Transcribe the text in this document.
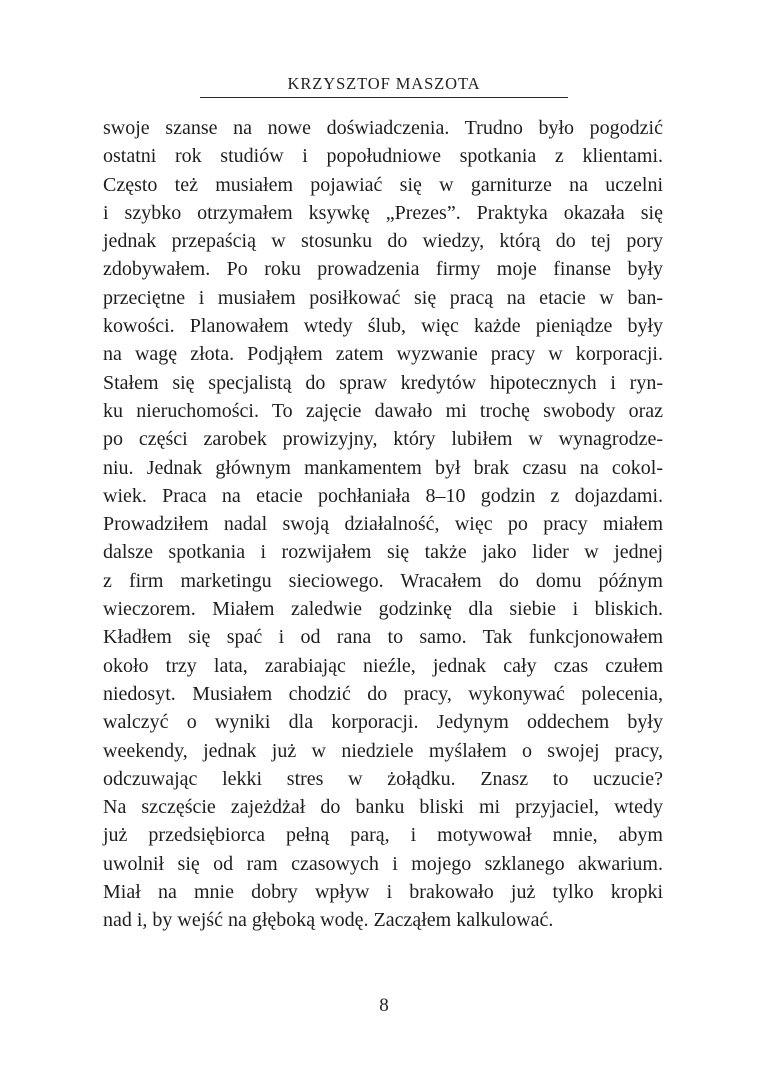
KRZYSZTOF MASZOTA
swoje szanse na nowe doświadczenia. Trudno było pogodzić
ostatni rok studiów i popołudniowe spotkania z klientami.
Często też musiałem pojawiać się w garniturze na uczelni
i szybko otrzymałem ksywkę „Prezes”. Praktyka okazała się
jednak przepaścią w stosunku do wiedzy, którą do tej pory
zdobywałem. Po roku prowadzenia firmy moje finanse były
przeciętne i musiałem posiłkować się pracą na etacie w ban-
kowości. Planowałem wtedy ślub, więc każde pieniądze były
na wagę złota. Podjąłem zatem wyzwanie pracy w korporacji.
Stałem się specjalistą do spraw kredytów hipotecznych i ryn-
ku nieruchomości. To zajęcie dawało mi trochę swobody oraz
po części zarobek prowizyjny, który lubiłem w wynagrodze-
niu. Jednak głównym mankamentem był brak czasu na cokol-
wiek. Praca na etacie pochłaniała 8–10 godzin z dojazdami.
Prowadziłem nadal swoją działalność, więc po pracy miałem
dalsze spotkania i rozwijałem się także jako lider w jednej
z firm marketingu sieciowego. Wracałem do domu późnym
wieczorem. Miałem zaledwie godzinkę dla siebie i bliskich.
Kładłem się spać i od rana to samo. Tak funkcjonowałem
około trzy lata, zarabiając nieźle, jednak cały czas czułem
niedosyt. Musiałem chodzić do pracy, wykonywać polecenia,
walczyć o wyniki dla korporacji. Jedynym oddechem były
weekendy, jednak już w niedziele myślałem o swojej pracy,
odczuwając lekki stres w żołądku. Znasz to uczucie?
Na szczęście zajeżdżał do banku bliski mi przyjaciel, wtedy
już przedsiębiorca pełną parą, i motywował mnie, abym
uwolnił się od ram czasowych i mojego szklanego akwarium.
Miał na mnie dobry wpływ i brakowało już tylko kropki
nad i, by wejść na głęboką wodę. Zacząłem kalkulować.
8
